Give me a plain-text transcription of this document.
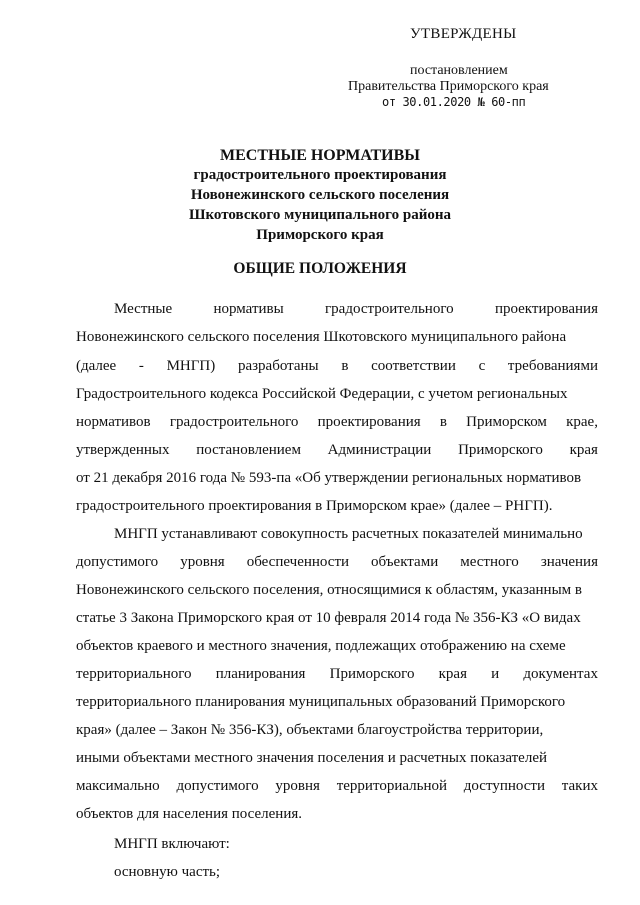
УТВЕРЖДЕНЫ
постановлением
Правительства Приморского края
от 30.01.2020 № 60-пп
МЕСТНЫЕ НОРМАТИВЫ
градостроительного проектирования
Новонежинского сельского поселения
Шкотовского муниципального района
Приморского края
ОБЩИЕ ПОЛОЖЕНИЯ
Местные	нормативы	градостроительного	проектирования
Новонежинского сельского поселения Шкотовского муниципального района
(далее - МНГП) разработаны в соответствии с требованиями
Градостроительного кодекса Российской Федерации, с учетом региональных
нормативов градостроительного проектирования в Приморском крае,
утвержденных постановлением Администрации Приморского края
от 21 декабря 2016 года № 593-па «Об утверждении региональных нормативов
градостроительного проектирования в Приморском крае» (далее – РНГП).
МНГП устанавливают совокупность расчетных показателей минимально
допустимого уровня обеспеченности объектами местного значения
Новонежинского сельского поселения, относящимися к областям, указанным в
статье 3 Закона Приморского края от 10 февраля 2014 года № 356-КЗ «О видах
объектов краевого и местного значения, подлежащих отображению на схеме
территориального планирования Приморского края и документах
территориального планирования муниципальных образований Приморского
края» (далее – Закон № 356-КЗ), объектами благоустройства территории,
иными объектами местного значения поселения и расчетных показателей
максимально допустимого уровня территориальной доступности таких
объектов для населения поселения.
МНГП включают:
основную часть;
